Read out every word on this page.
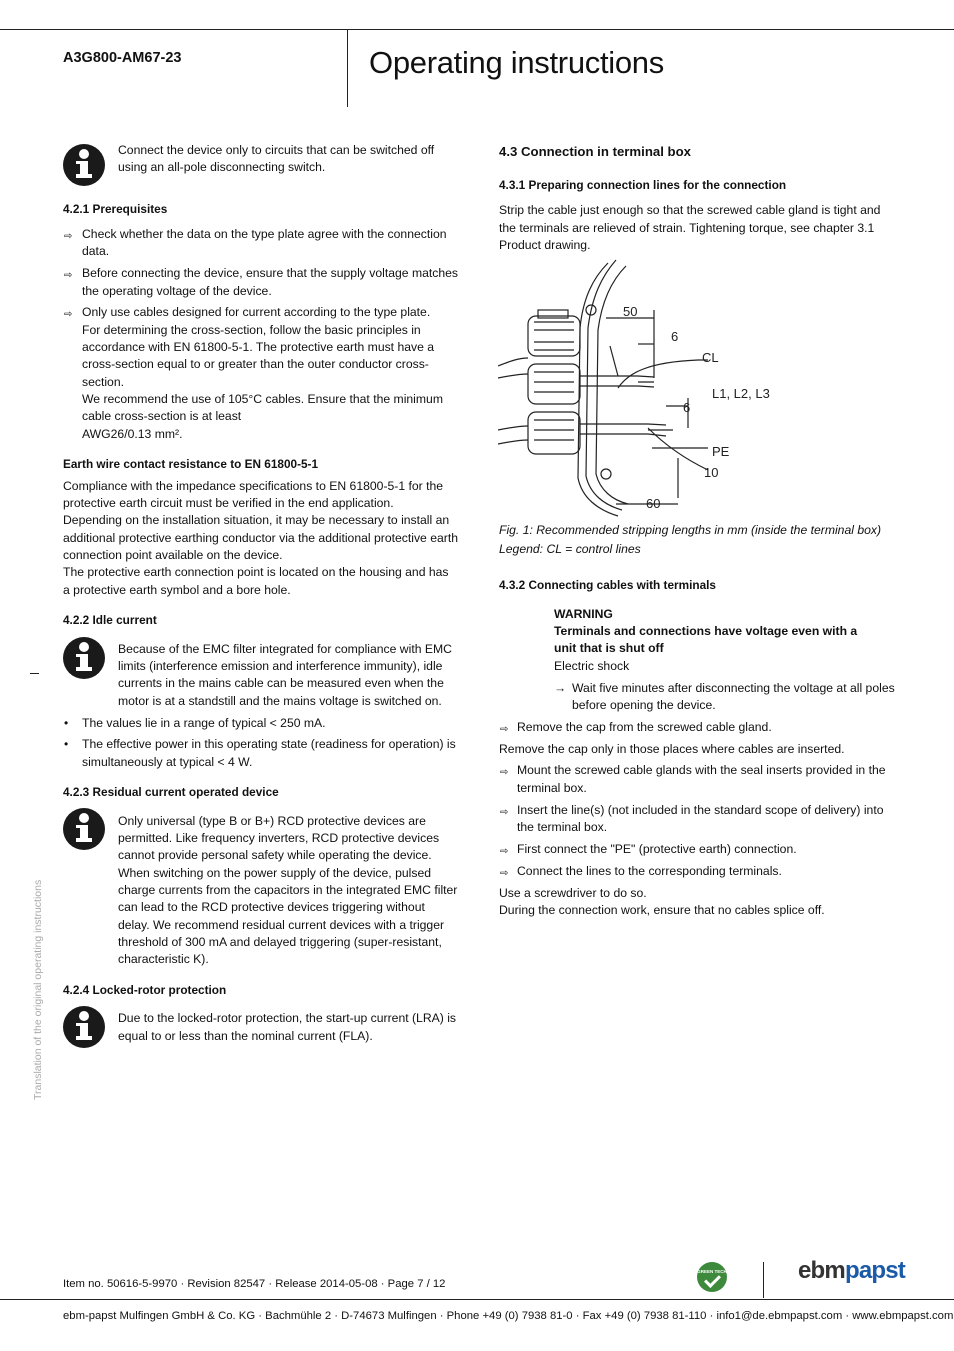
A3G800-AM67-23	Operating instructions
Translation of the original operating instructions

Connect the device only to circuits that can be switched off

using an all-pole disconnecting switch.

4.2.1 Prerequisites

⇨ Check whether the data on the type plate agree with the connection

data.

⇨ Before connecting the device, ensure that the supply voltage matches

the operating voltage of the device.

⇨ Only use cables designed for current according to the type plate.

For determining the cross-section, follow the basic principles in

accordance with EN 61800-5-1. The protective earth must have a

cross-section equal to or greater than the outer conductor cross-

section.

We recommend the use of 105°C cables. Ensure that the minimum

cable cross-section is at least

AWG26/0.13 mm².

Earth wire contact resistance to EN 61800-5-1

Compliance with the impedance specifications to EN 61800-5-1 for the

protective earth circuit must be verified in the end application.

Depending on the installation situation, it may be necessary to install an

additional protective earthing conductor via the additional protective earth

connection point available on the device.

The protective earth connection point is located on the housing and has

a protective earth symbol and a bore hole.

4.2.2 Idle current

Because of the EMC filter integrated for compliance with EMC

limits (interference emission and interference immunity), idle

currents in the mains cable can be measured even when the

motor is at a standstill and the mains voltage is switched on.

• The values lie in a range of typical < 250 mA.

• The effective power in this operating state (readiness for operation) is

simultaneously at typical < 4 W.

4.2.3 Residual current operated device

Only universal (type B or B+) RCD protective devices are

permitted. Like frequency inverters, RCD protective devices

cannot provide personal safety while operating the device.

When switching on the power supply of the device, pulsed

charge currents from the capacitors in the integrated EMC filter

can lead to the RCD protective devices triggering without

delay. We recommend residual current devices with a trigger

threshold of 300 mA and delayed triggering (super-resistant,

characteristic K).

4.2.4 Locked-rotor protection

Due to the locked-rotor protection, the start-up current (LRA) is

equal to or less than the nominal current (FLA).

4.3 Connection in terminal box

4.3.1 Preparing connection lines for the connection

Strip the cable just enough so that the screwed cable gland is tight and

the terminals are relieved of strain. Tightening torque, see chapter 3.1

Product drawing.

50
6
CL
L1, L2, L3
6
PE
10
60

Fig. 1: Recommended stripping lengths in mm (inside the terminal box)

Legend: CL = control lines

4.3.2 Connecting cables with terminals

WARNING

Terminals and connections have voltage even with a

unit that is shut off

Electric shock

→ Wait five minutes after disconnecting the voltage at all poles

before opening the device.

⇨ Remove the cap from the screwed cable gland.

Remove the cap only in those places where cables are inserted.

⇨ Mount the screwed cable glands with the seal inserts provided in the

terminal box.

⇨ Insert the line(s) (not included in the standard scope of delivery) into

the terminal box.

⇨ First connect the "PE" (protective earth) connection.

⇨ Connect the lines to the corresponding terminals.

Use a screwdriver to do so.

During the connection work, ensure that no cables splice off.

Item no. 50616-5-9970 · Revision 82547 · Release 2014-05-08 · Page 7 / 12

GREEN TECH	ebmpapst

ebm-papst Mulfingen GmbH & Co. KG · Bachmühle 2 · D-74673 Mulfingen · Phone +49 (0) 7938 81-0 · Fax +49 (0) 7938 81-110 · info1@de.ebmpapst.com · www.ebmpapst.com
